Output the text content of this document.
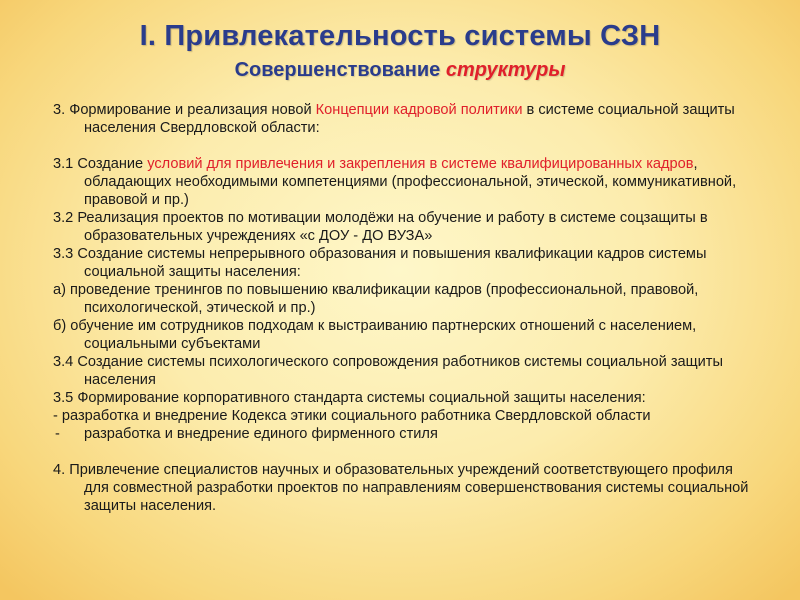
I. Привлекательность системы СЗН
Совершенствование структуры

3. Формирование и реализация новой Концепции кадровой политики в системе социальной защиты населения Свердловской области:

3.1 Создание условий для привлечения и закрепления в системе квалифицированных кадров, обладающих необходимыми компетенциями (профессиональной, этической, коммуникативной, правовой и пр.)

3.2 Реализация проектов по мотивации молодёжи на обучение и работу в системе соцзащиты в образовательных учреждениях «с ДОУ - ДО ВУЗА»

3.3 Создание системы непрерывного образования и повышения квалификации кадров системы социальной защиты населения:

а) проведение тренингов по повышению квалификации кадров (профессиональной, правовой, психологической, этической и пр.)

б) обучение им сотрудников подходам к выстраиванию партнерских отношений с населением, социальными субъектами

3.4 Создание системы психологического сопровождения работников системы социальной защиты населения

3.5 Формирование корпоративного стандарта системы социальной защиты населения:

- разработка и внедрение Кодекса этики социального работника Свердловской области

- разработка и внедрение единого фирменного стиля

4. Привлечение специалистов научных и образовательных учреждений соответствующего профиля для совместной разработки проектов по направлениям совершенствования системы социальной защиты населения.
